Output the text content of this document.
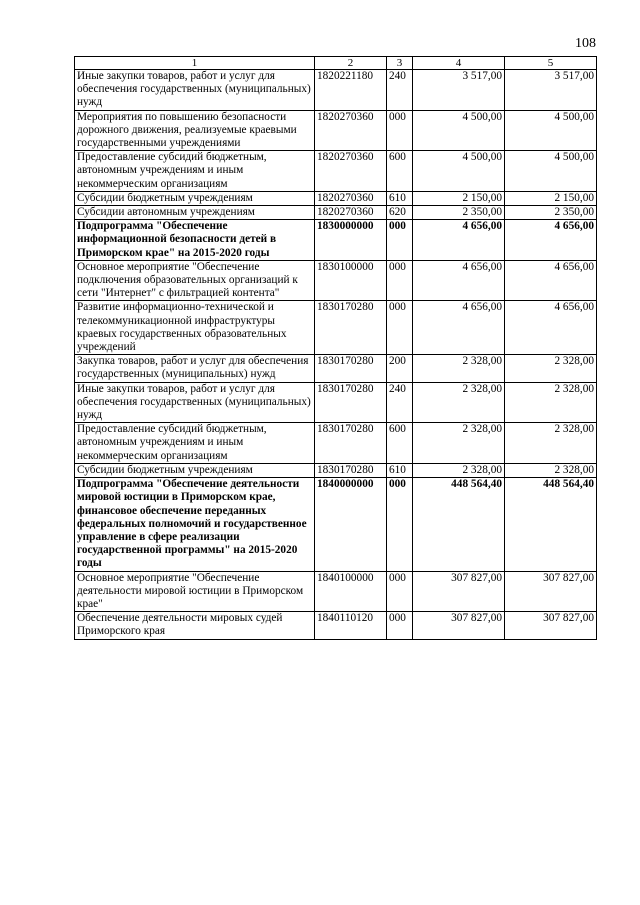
108
1	2	3	4	5
Иные закупки товаров, работ и услуг для обеспечения государственных (муниципальных) нужд	1820221180	240	3 517,00	3 517,00
Мероприятия по повышению безопасности дорожного движения, реализуемые краевыми государственными учреждениями	1820270360	000	4 500,00	4 500,00
Предоставление субсидий бюджетным, автономным учреждениям и иным некоммерческим организациям	1820270360	600	4 500,00	4 500,00
Субсидии бюджетным учреждениям	1820270360	610	2 150,00	2 150,00
Субсидии автономным учреждениям	1820270360	620	2 350,00	2 350,00
Подпрограмма "Обеспечение информационной безопасности детей в Приморском крае" на 2015-2020 годы	1830000000	000	4 656,00	4 656,00
Основное мероприятие "Обеспечение подключения образовательных организаций к сети "Интернет" с фильтрацией контента"	1830100000	000	4 656,00	4 656,00
Развитие информационно-технической и телекоммуникационной инфраструктуры краевых государственных образовательных учреждений	1830170280	000	4 656,00	4 656,00
Закупка товаров, работ и услуг для обеспечения государственных (муниципальных) нужд	1830170280	200	2 328,00	2 328,00
Иные закупки товаров, работ и услуг для обеспечения государственных (муниципальных) нужд	1830170280	240	2 328,00	2 328,00
Предоставление субсидий бюджетным, автономным учреждениям и иным некоммерческим организациям	1830170280	600	2 328,00	2 328,00
Субсидии бюджетным учреждениям	1830170280	610	2 328,00	2 328,00
Подпрограмма "Обеспечение деятельности мировой юстиции в Приморском крае, финансовое обеспечение переданных федеральных полномочий и государственное управление в сфере реализации государственной программы" на 2015-2020 годы	1840000000	000	448 564,40	448 564,40
Основное мероприятие "Обеспечение деятельности мировой юстиции в Приморском крае"	1840100000	000	307 827,00	307 827,00
Обеспечение деятельности мировых судей Приморского края	1840110120	000	307 827,00	307 827,00
